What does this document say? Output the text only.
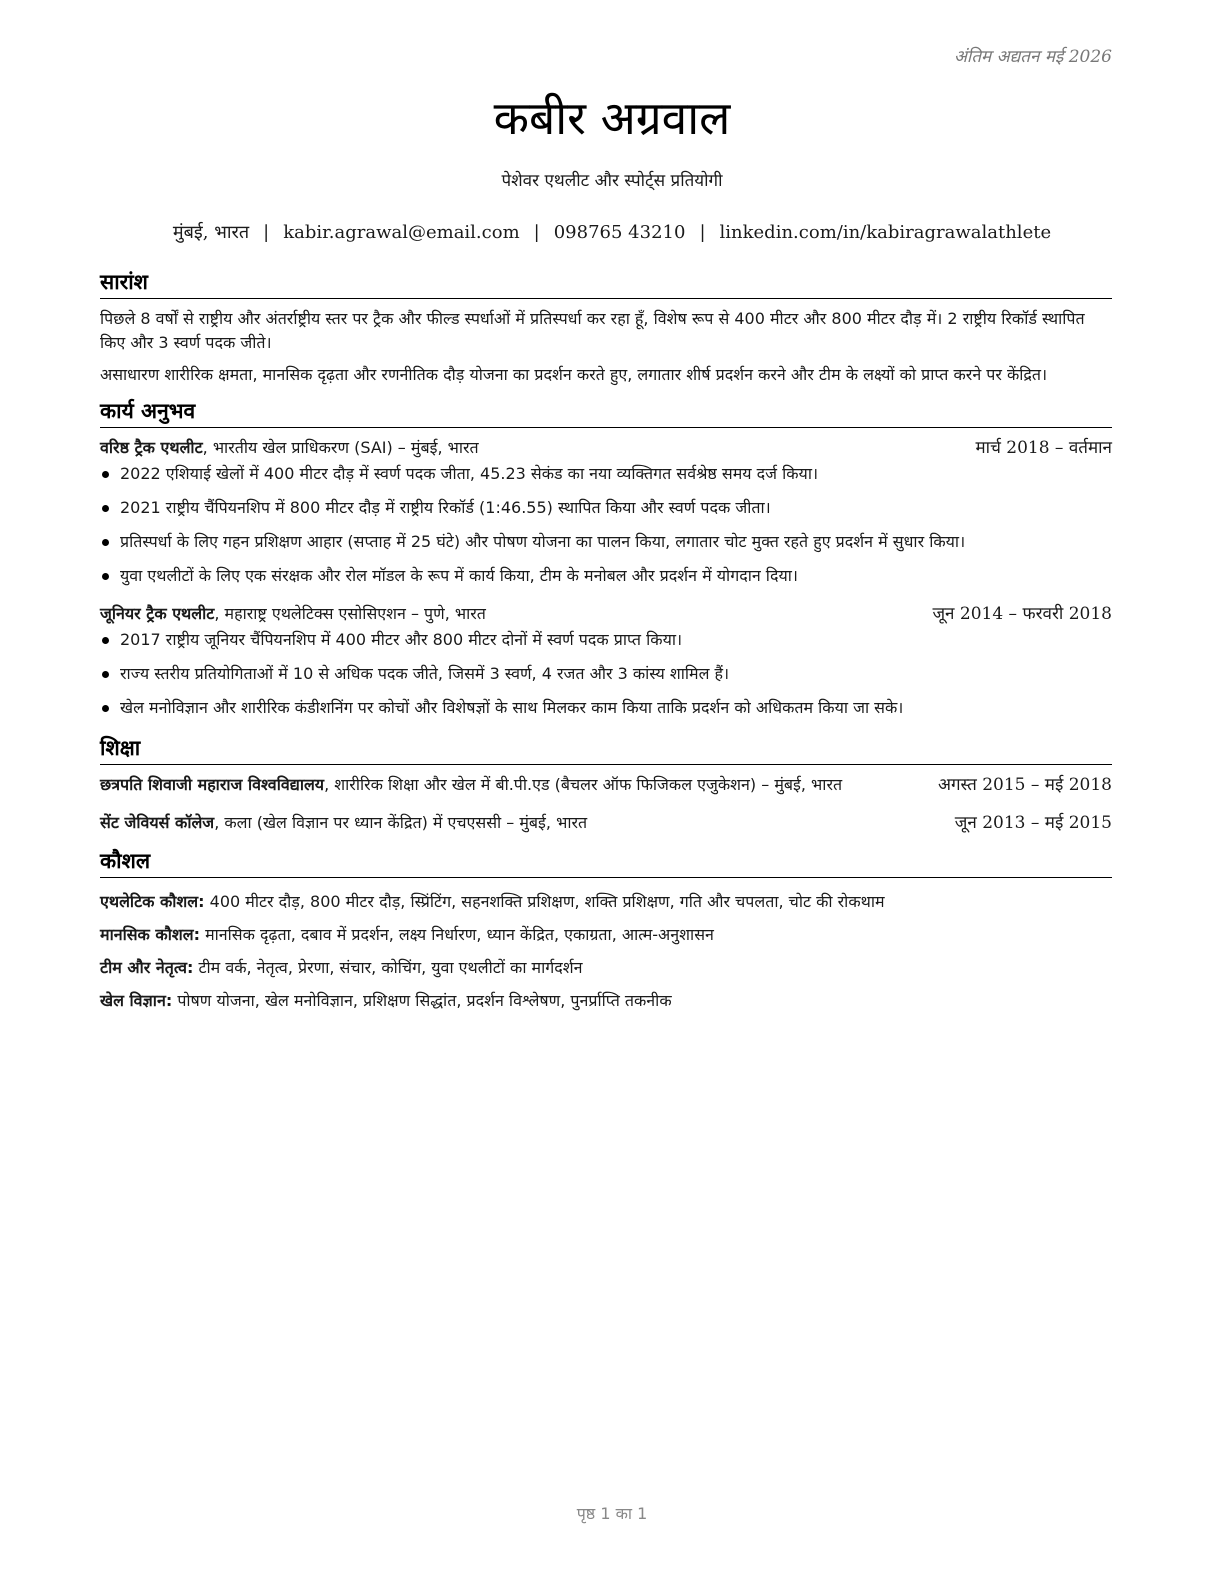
अंतिम अद्यतन मई 2026
कबीर अग्रवाल
पेशेवर एथलीट और स्पोर्ट्स प्रतियोगी
मुंबई, भारत | kabir.agrawal@email.com | 098765 43210 | linkedin.com/in/kabiragrawalathlete
सारांश

पिछले 8 वर्षों से राष्ट्रीय और अंतर्राष्ट्रीय स्तर पर ट्रैक और फील्ड स्पर्धाओं में प्रतिस्पर्धा कर रहा हूँ, विशेष रूप से 400 मीटर और 800 मीटर दौड़ में। 2 राष्ट्रीय रिकॉर्ड स्थापित किए और 3 स्वर्ण पदक जीते।

असाधारण शारीरिक क्षमता, मानसिक दृढ़ता और रणनीतिक दौड़ योजना का प्रदर्शन करते हुए, लगातार शीर्ष प्रदर्शन करने और टीम के लक्ष्यों को प्राप्त करने पर केंद्रित।

कार्य अनुभव
वरिष्ठ ट्रैक एथलीट, भारतीय खेल प्राधिकरण (SAI) – मुंबई, भारत	मार्च 2018 – वर्तमान
2022 एशियाई खेलों में 400 मीटर दौड़ में स्वर्ण पदक जीता, 45.23 सेकंड का नया व्यक्तिगत सर्वश्रेष्ठ समय दर्ज किया।
2021 राष्ट्रीय चैंपियनशिप में 800 मीटर दौड़ में राष्ट्रीय रिकॉर्ड (1:46.55) स्थापित किया और स्वर्ण पदक जीता।
प्रतिस्पर्धा के लिए गहन प्रशिक्षण आहार (सप्ताह में 25 घंटे) और पोषण योजना का पालन किया, लगातार चोट मुक्त रहते हुए प्रदर्शन में सुधार किया।
युवा एथलीटों के लिए एक संरक्षक और रोल मॉडल के रूप में कार्य किया, टीम के मनोबल और प्रदर्शन में योगदान दिया।
जूनियर ट्रैक एथलीट, महाराष्ट्र एथलेटिक्स एसोसिएशन – पुणे, भारत	जून 2014 – फरवरी 2018
2017 राष्ट्रीय जूनियर चैंपियनशिप में 400 मीटर और 800 मीटर दोनों में स्वर्ण पदक प्राप्त किया।
राज्य स्तरीय प्रतियोगिताओं में 10 से अधिक पदक जीते, जिसमें 3 स्वर्ण, 4 रजत और 3 कांस्य शामिल हैं।
खेल मनोविज्ञान और शारीरिक कंडीशनिंग पर कोचों और विशेषज्ञों के साथ मिलकर काम किया ताकि प्रदर्शन को अधिकतम किया जा सके।
शिक्षा
छत्रपति शिवाजी महाराज विश्वविद्यालय, शारीरिक शिक्षा और खेल में बी.पी.एड (बैचलर ऑफ फिजिकल एजुकेशन) – मुंबई, भारत	अगस्त 2015 – मई 2018
सेंट जेवियर्स कॉलेज, कला (खेल विज्ञान पर ध्यान केंद्रित) में एचएससी – मुंबई, भारत	जून 2013 – मई 2015
कौशल
एथलेटिक कौशल: 400 मीटर दौड़, 800 मीटर दौड़, स्प्रिंटिंग, सहनशक्ति प्रशिक्षण, शक्ति प्रशिक्षण, गति और चपलता, चोट की रोकथाम
मानसिक कौशल: मानसिक दृढ़ता, दबाव में प्रदर्शन, लक्ष्य निर्धारण, ध्यान केंद्रित, एकाग्रता, आत्म-अनुशासन
टीम और नेतृत्व: टीम वर्क, नेतृत्व, प्रेरणा, संचार, कोचिंग, युवा एथलीटों का मार्गदर्शन
खेल विज्ञान: पोषण योजना, खेल मनोविज्ञान, प्रशिक्षण सिद्धांत, प्रदर्शन विश्लेषण, पुनर्प्राप्ति तकनीक
पृष्ठ 1 का 1
